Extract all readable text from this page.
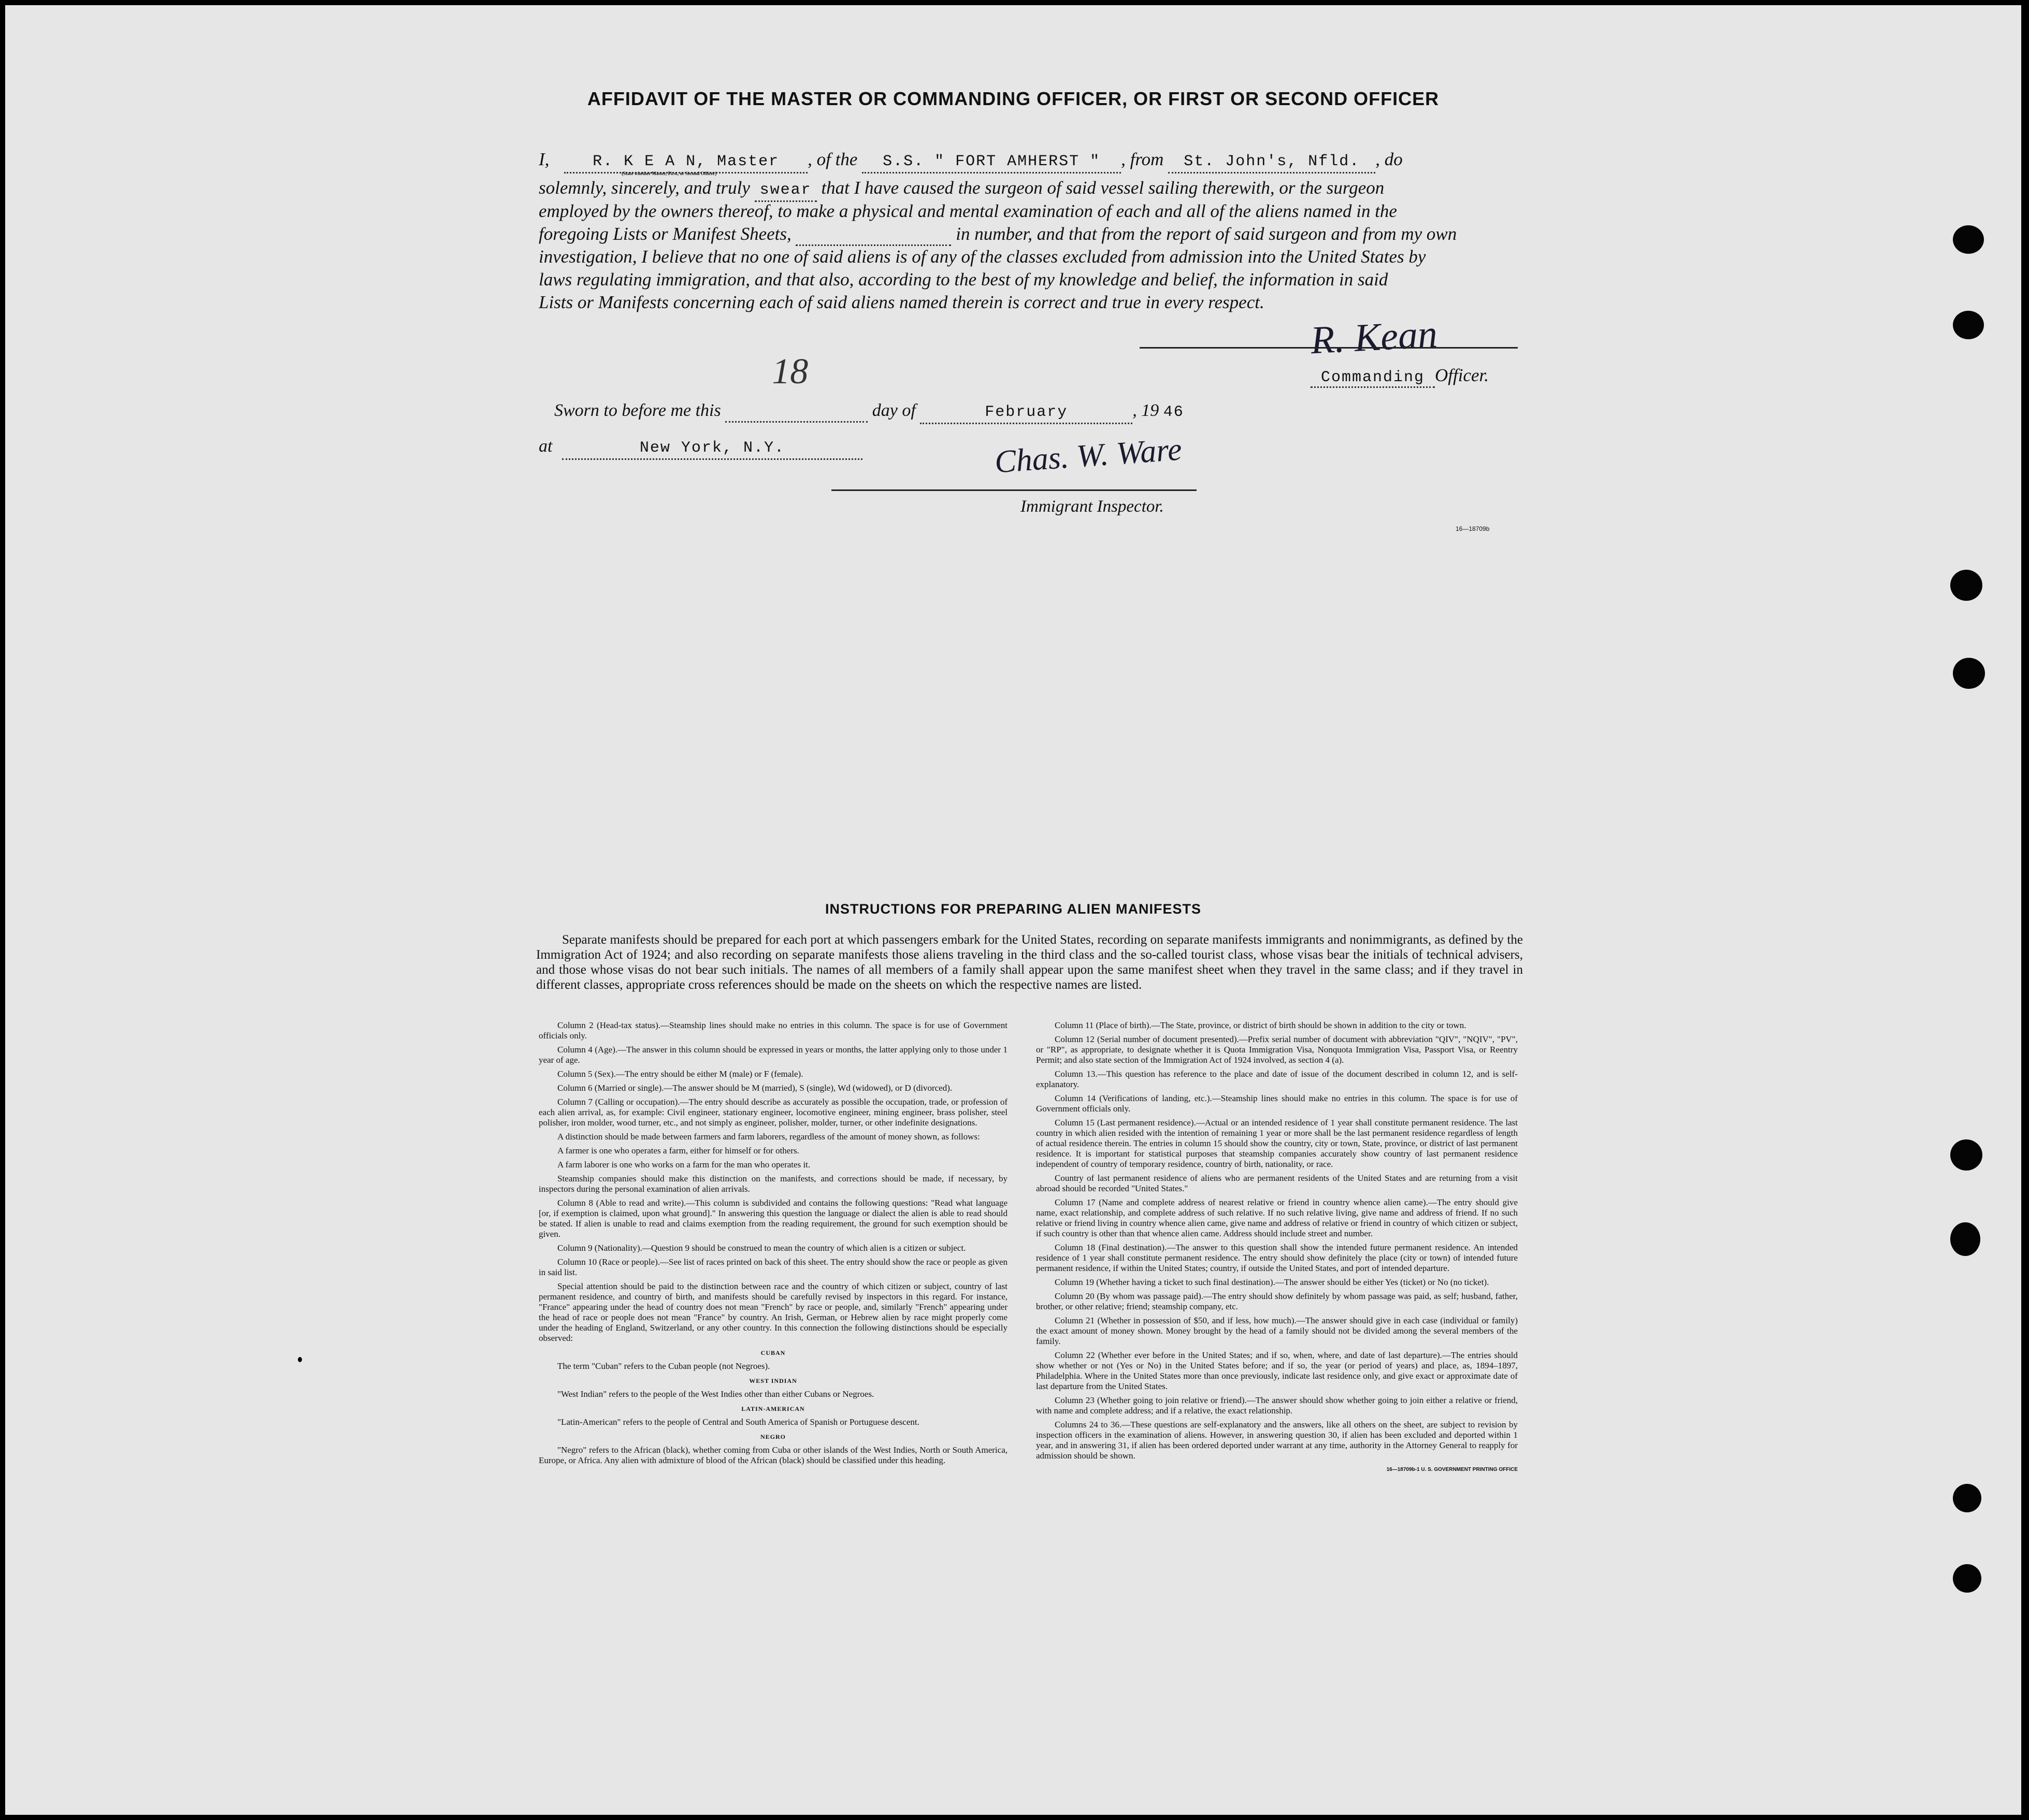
AFFIDAVIT OF THE MASTER OR COMMANDING OFFICER, OR FIRST OR SECOND OFFICER
I,	R. K E A N, Master , of the S.S. " FORT AMHERST " , from St. John's, Nfld. , do
(State whether Master, First, or Second Officer)
solemnly, sincerely, and truly swear that I have caused the surgeon of said vessel sailing therewith, or the surgeon
employed by the owners thereof, to make a physical and mental examination of each and all of the aliens named in the
foregoing Lists or Manifest Sheets,	in number, and that from the report of said surgeon and from my own
investigation, I believe that no one of said aliens is of any of the classes excluded from admission into the United States by
laws regulating immigration, and that also, according to the best of my knowledge and belief, the information in said
Lists or Manifests concerning each of said aliens named therein is correct and true in every respect.
R. Kean
Commanding Officer.
Sworn to before me this
18
day of	February	, 19 46
at	New York, N.Y.	Chas. W. Ware
Immigrant Inspector.
16—18709b
INSTRUCTIONS FOR PREPARING ALIEN MANIFESTS
Separate manifests should be prepared for each port at which passengers embark for the United States, recording on separate manifests immigrants and nonimmigrants, as defined by the Immigration Act of 1924; and also recording on separate manifests those aliens traveling in the third class and the so-called tourist class, whose visas bear the initials of technical advisers, and those whose visas do not bear such initials. The names of all members of a family shall appear upon the same manifest sheet when they travel in the same class; and if they travel in different classes, appropriate cross references should be made on the sheets on which the respective names are listed.

Column 2 (Head-tax status).—Steamship lines should make no entries in this column. The space is for use of Government officials only.

Column 4 (Age).—The answer in this column should be expressed in years or months, the latter applying only to those under 1 year of age.

Column 5 (Sex).—The entry should be either M (male) or F (female).

Column 6 (Married or single).—The answer should be M (married), S (single), Wd (widowed), or D (divorced).

Column 7 (Calling or occupation).—The entry should describe as accurately as possible the occupation, trade, or profession of each alien arrival, as, for example: Civil engineer, stationary engineer, locomotive engineer, mining engineer, brass polisher, steel polisher, iron molder, wood turner, etc., and not simply as engineer, polisher, molder, turner, or other indefinite designations.

A distinction should be made between farmers and farm laborers, regardless of the amount of money shown, as follows:

A farmer is one who operates a farm, either for himself or for others.

A farm laborer is one who works on a farm for the man who operates it.

Steamship companies should make this distinction on the manifests, and corrections should be made, if necessary, by inspectors during the personal examination of alien arrivals.

Column 8 (Able to read and write).—This column is subdivided and contains the following questions: "Read what language [or, if exemption is claimed, upon what ground]." In answering this question the language or dialect the alien is able to read should be stated. If alien is unable to read and claims exemption from the reading requirement, the ground for such exemption should be given.

Column 9 (Nationality).—Question 9 should be construed to mean the country of which alien is a citizen or subject.

Column 10 (Race or people).—See list of races printed on back of this sheet. The entry should show the race or people as given in said list.

Special attention should be paid to the distinction between race and the country of which citizen or subject, country of last permanent residence, and country of birth, and manifests should be carefully revised by inspectors in this regard. For instance, "France" appearing under the head of country does not mean "French" by race or people, and, similarly "French" appearing under the head of race or people does not mean "France" by country. An Irish, German, or Hebrew alien by race might properly come under the heading of England, Switzerland, or any other country. In this connection the following distinctions should be especially observed:

CUBAN

The term "Cuban" refers to the Cuban people (not Negroes).

WEST INDIAN

"West Indian" refers to the people of the West Indies other than either Cubans or Negroes.

LATIN-AMERICAN

"Latin-American" refers to the people of Central and South America of Spanish or Portuguese descent.

NEGRO

"Negro" refers to the African (black), whether coming from Cuba or other islands of the West Indies, North or South America, Europe, or Africa. Any alien with admixture of blood of the African (black) should be classified under this heading.

Column 11 (Place of birth).—The State, province, or district of birth should be shown in addition to the city or town.

Column 12 (Serial number of document presented).—Prefix serial number of document with abbreviation "QIV", "NQIV", "PV", or "RP", as appropriate, to designate whether it is Quota Immigration Visa, Nonquota Immigration Visa, Passport Visa, or Reentry Permit; and also state section of the Immigration Act of 1924 involved, as section 4 (a).

Column 13.—This question has reference to the place and date of issue of the document described in column 12, and is self-explanatory.

Column 14 (Verifications of landing, etc.).—Steamship lines should make no entries in this column. The space is for use of Government officials only.

Column 15 (Last permanent residence).—Actual or an intended residence of 1 year shall constitute permanent residence. The last country in which alien resided with the intention of remaining 1 year or more shall be the last permanent residence regardless of length of actual residence therein. The entries in column 15 should show the country, city or town, State, province, or district of last permanent residence. It is important for statistical purposes that steamship companies accurately show country of last permanent residence independent of country of temporary residence, country of birth, nationality, or race.

Country of last permanent residence of aliens who are permanent residents of the United States and are returning from a visit abroad should be recorded "United States."

Column 17 (Name and complete address of nearest relative or friend in country whence alien came).—The entry should give name, exact relationship, and complete address of such relative. If no such relative living, give name and address of friend. If no such relative or friend living in country whence alien came, give name and address of relative or friend in country of which citizen or subject, if such country is other than that whence alien came. Address should include street and number.

Column 18 (Final destination).—The answer to this question shall show the intended future permanent residence. An intended residence of 1 year shall constitute permanent residence. The entry should show definitely the place (city or town) of intended future permanent residence, if within the United States; country, if outside the United States, and port of intended departure.

Column 19 (Whether having a ticket to such final destination).—The answer should be either Yes (ticket) or No (no ticket).

Column 20 (By whom was passage paid).—The entry should show definitely by whom passage was paid, as self; husband, father, brother, or other relative; friend; steamship company, etc.

Column 21 (Whether in possession of $50, and if less, how much).—The answer should give in each case (individual or family) the exact amount of money shown. Money brought by the head of a family should not be divided among the several members of the family.

Column 22 (Whether ever before in the United States; and if so, when, where, and date of last departure).—The entries should show whether or not (Yes or No) in the United States before; and if so, the year (or period of years) and place, as, 1894–1897, Philadelphia. Where in the United States more than once previously, indicate last residence only, and give exact or approximate date of last departure from the United States.

Column 23 (Whether going to join relative or friend).—The answer should show whether going to join either a relative or friend, with name and complete address; and if a relative, the exact relationship.

Columns 24 to 36.—These questions are self-explanatory and the answers, like all others on the sheet, are subject to revision by inspection officers in the examination of aliens. However, in answering question 30, if alien has been excluded and deported within 1 year, and in answering 31, if alien has been ordered deported under warrant at any time, authority in the Attorney General to reapply for admission should be shown.

16—18709b-1 U. S. GOVERNMENT PRINTING OFFICE
